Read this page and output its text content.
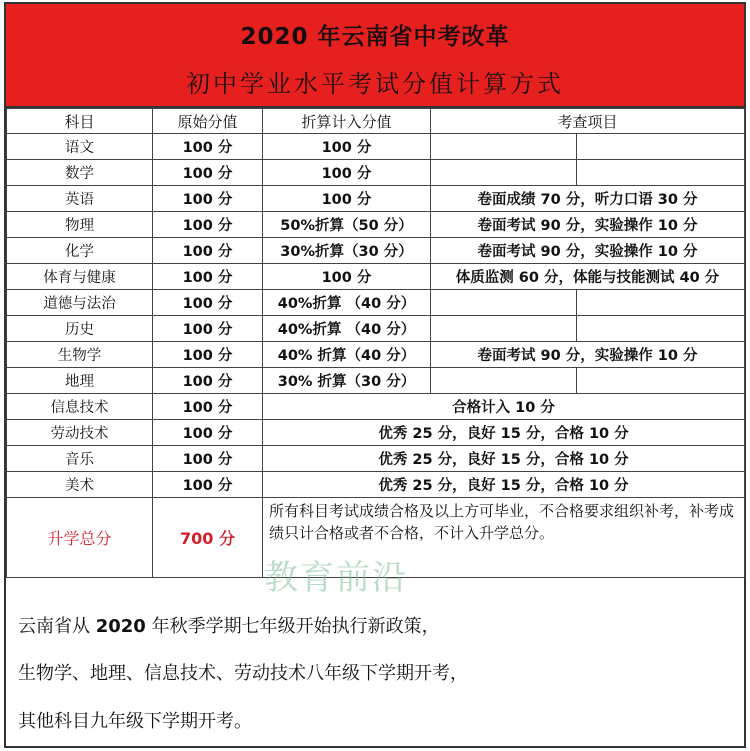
2020 年云南省中考改革
初中学业水平考试分值计算方式
科目	原始分值	折算计入分值	考查项目	
语文	100 分	100 分		
数学	100 分	100 分		
英语	100 分	100 分	卷面成绩 70 分，听力口语 30 分	
物理	100 分	50%折算（50 分）	卷面考试 90 分，实验操作 10 分	
化学	100 分	30%折算（30 分）	卷面考试 90 分，实验操作 10 分	
体育与健康	100 分	100 分	体质监测 60 分，体能与技能测试 40 分	
道德与法治	100 分	40%折算 （40 分）		
历史	100 分	40%折算 （40 分）		
生物学	100 分	40% 折算（40 分）	卷面考试 90 分，实验操作 10 分	
地理	100 分	30% 折算（30 分）		
信息技术	100 分	合格计入 10 分		
劳动技术	100 分	优秀 25 分，良好 15 分，合格 10 分		
音乐	100 分	优秀 25 分，良好 15 分，合格 10 分		
美术	100 分	优秀 25 分，良好 15 分，合格 10 分		
升学总分	700 分	所有科目考试成绩合格及以上方可毕业，不合格要求组织补考，补考成绩只计合格或者不合格，不计入升学总分。		

云南省从 2020 年秋季学期七年级开始执行新政策，

生物学、地理、信息技术、劳动技术八年级下学期开考，

其他科目九年级下学期开考。

教育前沿
